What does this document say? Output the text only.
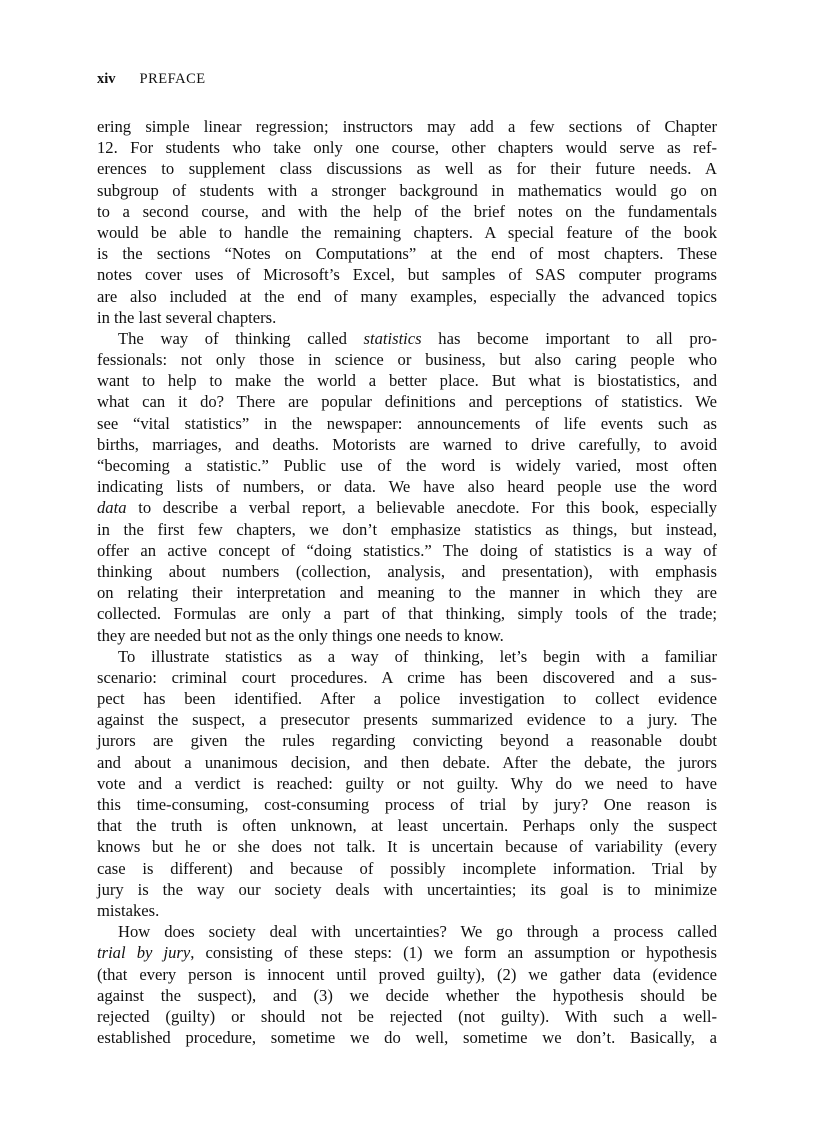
xiv PREFACE
ering simple linear regression; instructors may add a few sections of Chapter
12. For students who take only one course, other chapters would serve as ref-
erences to supplement class discussions as well as for their future needs. A
subgroup of students with a stronger background in mathematics would go on
to a second course, and with the help of the brief notes on the fundamentals
would be able to handle the remaining chapters. A special feature of the book
is the sections “Notes on Computations” at the end of most chapters. These
notes cover uses of Microsoft’s Excel, but samples of SAS computer programs
are also included at the end of many examples, especially the advanced topics
in the last several chapters.
The way of thinking called statistics has become important to all pro-
fessionals: not only those in science or business, but also caring people who
want to help to make the world a better place. But what is biostatistics, and
what can it do? There are popular definitions and perceptions of statistics. We
see “vital statistics” in the newspaper: announcements of life events such as
births, marriages, and deaths. Motorists are warned to drive carefully, to avoid
“becoming a statistic.” Public use of the word is widely varied, most often
indicating lists of numbers, or data. We have also heard people use the word
data to describe a verbal report, a believable anecdote. For this book, especially
in the first few chapters, we don’t emphasize statistics as things, but instead,
offer an active concept of “doing statistics.” The doing of statistics is a way of
thinking about numbers (collection, analysis, and presentation), with emphasis
on relating their interpretation and meaning to the manner in which they are
collected. Formulas are only a part of that thinking, simply tools of the trade;
they are needed but not as the only things one needs to know.
To illustrate statistics as a way of thinking, let’s begin with a familiar
scenario: criminal court procedures. A crime has been discovered and a sus-
pect has been identified. After a police investigation to collect evidence
against the suspect, a presecutor presents summarized evidence to a jury. The
jurors are given the rules regarding convicting beyond a reasonable doubt
and about a unanimous decision, and then debate. After the debate, the jurors
vote and a verdict is reached: guilty or not guilty. Why do we need to have
this time-consuming, cost-consuming process of trial by jury? One reason is
that the truth is often unknown, at least uncertain. Perhaps only the suspect
knows but he or she does not talk. It is uncertain because of variability (every
case is different) and because of possibly incomplete information. Trial by
jury is the way our society deals with uncertainties; its goal is to minimize
mistakes.
How does society deal with uncertainties? We go through a process called
trial by jury, consisting of these steps: (1) we form an assumption or hypothesis
(that every person is innocent until proved guilty), (2) we gather data (evidence
against the suspect), and (3) we decide whether the hypothesis should be
rejected (guilty) or should not be rejected (not guilty). With such a well-
established procedure, sometime we do well, sometime we don’t. Basically, a
